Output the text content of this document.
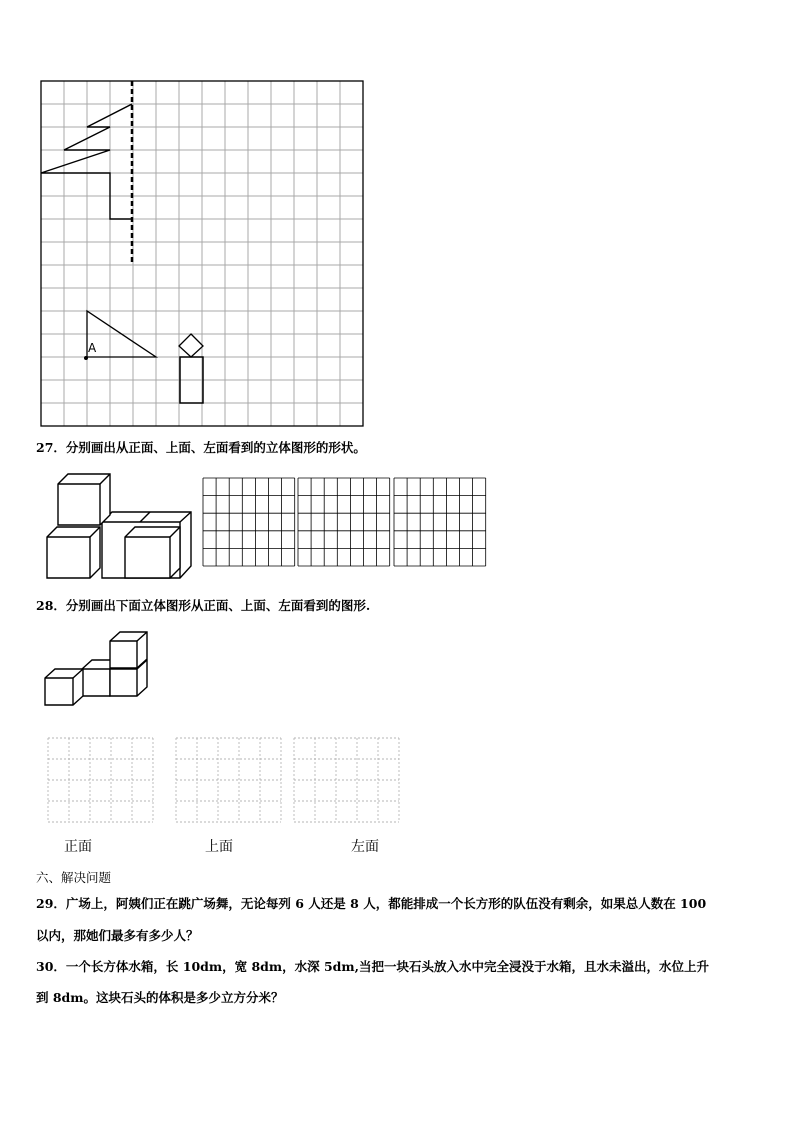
A
27．分别画出从正面、上面、左面看到的立体图形的形状。
28．分别画出下面立体图形从正面、上面、左面看到的图形.
正面	上面	左面
六、解决问题
29．广场上，阿姨们正在跳广场舞，无论每列 6 人还是 8 人，都能排成一个长方形的队伍没有剩余，如果总人数在 100
以内，那她们最多有多少人？
30．一个长方体水箱，长 10dm，宽 8dm，水深 5dm,当把一块石头放入水中完全浸没于水箱，且水未溢出，水位上升
到 8dm。这块石头的体积是多少立方分米？
